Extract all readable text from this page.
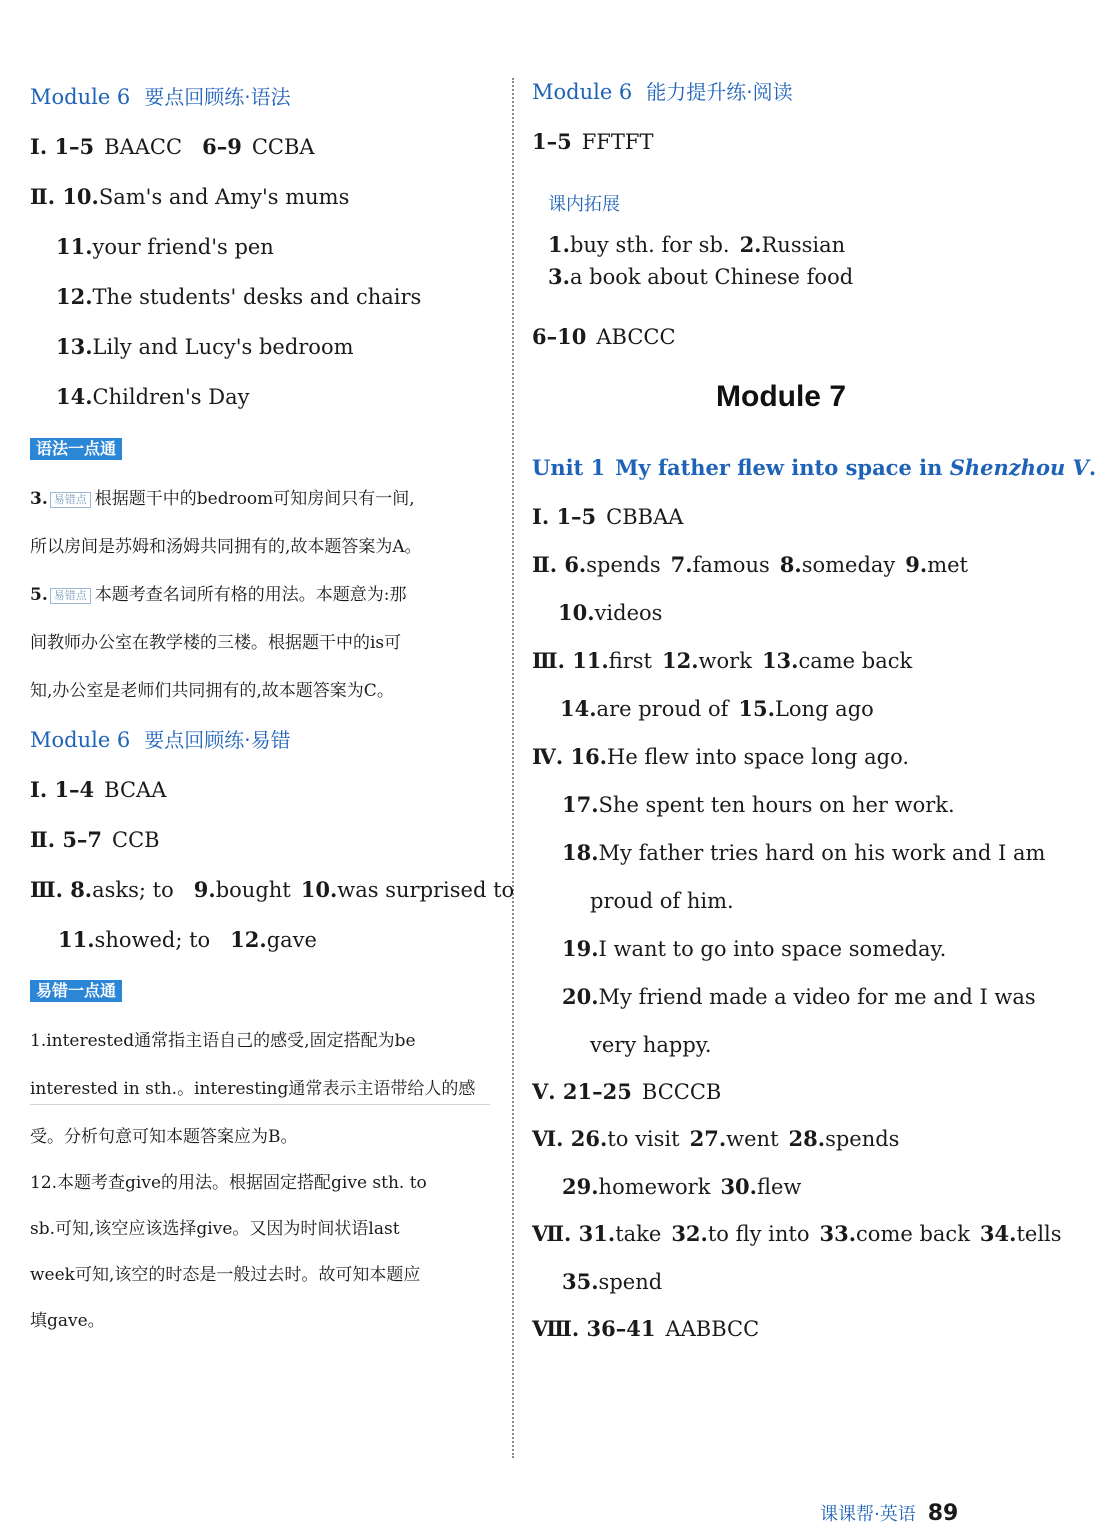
Module 6 要点回顾练·语法
Ⅰ. 1–5 BAACC 6–9 CCBA
Ⅱ. 10.Sam's and Amy's mums
11.your friend's pen
12.The students' desks and chairs
13.Lily and Lucy's bedroom
14.Children's Day
语法一点通
3. 易错点 根据题干中的bedroom可知房间只有一间,
所以房间是苏姆和汤姆共同拥有的,故本题答案为A。
5. 易错点 本题考查名词所有格的用法。本题意为:那
间教师办公室在教学楼的三楼。根据题干中的is可
知,办公室是老师们共同拥有的,故本题答案为C。
Module 6 要点回顾练·易错
Ⅰ. 1–4 BCAA
Ⅱ. 5–7 CCB
Ⅲ. 8.asks; to 9.bought 10.was surprised to
11.showed; to 12.gave
易错一点通
1.interested通常指主语自己的感受,固定搭配为be
interested in sth.。interesting通常表示主语带给人的感
受。分析句意可知本题答案应为B。
12.本题考查give的用法。根据固定搭配give sth. to
sb.可知,该空应该选择give。又因为时间状语last
week可知,该空的时态是一般过去时。故可知本题应
填gave。
Module 6 能力提升练·阅读
1–5 FFTFT
课内拓展
1.buy sth. for sb. 2.Russian
3.a book about Chinese food
6–10 ABCCC
Module 7
Unit 1 My father flew into space in Shenzhou V.
Ⅰ. 1–5 CBBAA
Ⅱ. 6.spends 7.famous 8.someday 9.met
10.videos
Ⅲ. 11.first 12.work 13.came back
14.are proud of 15.Long ago
Ⅳ. 16.He flew into space long ago.
17.She spent ten hours on her work.
18.My father tries hard on his work and I am
proud of him.
19.I want to go into space someday.
20.My friend made a video for me and I was
very happy.
Ⅴ. 21–25 BCCCB
Ⅵ. 26.to visit 27.went 28.spends
29.homework 30.flew
Ⅶ. 31.take 32.to fly into 33.come back 34.tells
35.spend
Ⅷ. 36–41 AABBCC
课课帮·英语 89
